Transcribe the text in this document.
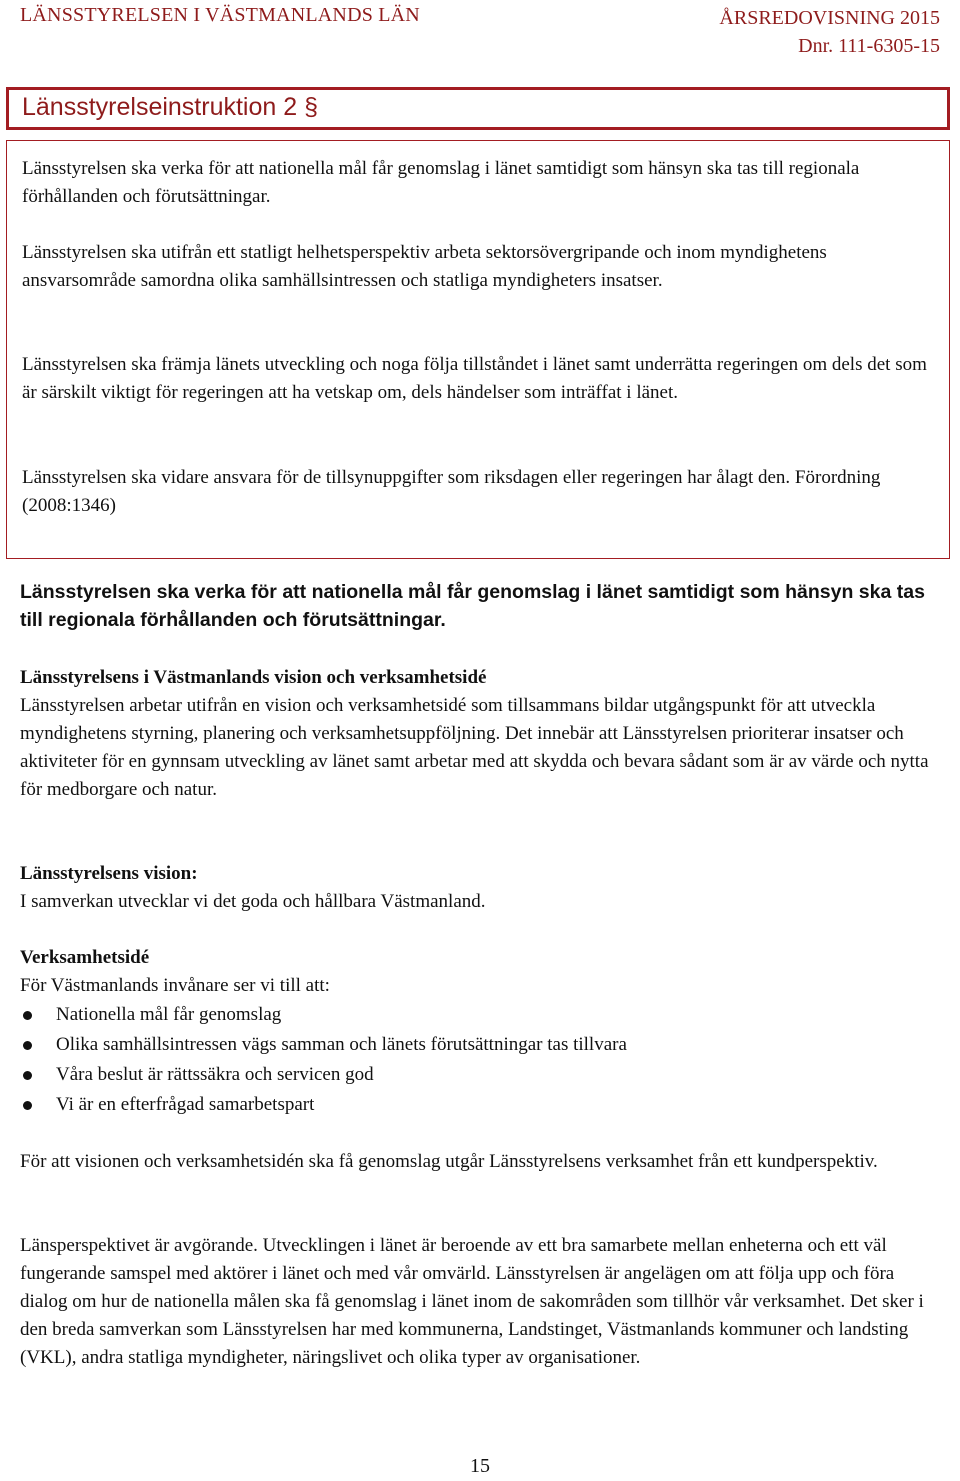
LÄNSSTYRELSEN I VÄSTMANLANDS LÄN	ÅRSREDOVISNING 2015
Dnr. 111-6305-15
Länsstyrelseinstruktion 2 §

Länsstyrelsen ska verka för att nationella mål får genomslag i länet samtidigt som hänsyn ska tas till regionala förhållanden och förutsättningar.

Länsstyrelsen ska utifrån ett statligt helhetsperspektiv arbeta sektorsövergripande och inom myndighetens ansvarsområde samordna olika samhällsintressen och statliga myndigheters insatser.

Länsstyrelsen ska främja länets utveckling och noga följa tillståndet i länet samt underrätta regeringen om dels det som är särskilt viktigt för regeringen att ha vetskap om, dels händelser som inträffat i länet.

Länsstyrelsen ska vidare ansvara för de tillsynuppgifter som riksdagen eller regeringen har ålagt den. Förordning (2008:1346)

Länsstyrelsen ska verka för att nationella mål får genomslag i länet samtidigt som hänsyn ska tas till regionala förhållanden och förutsättningar.

Länsstyrelsens i Västmanlands vision och verksamhetsidé

Länsstyrelsen arbetar utifrån en vision och verksamhetsidé som tillsammans bildar utgångspunkt för att utveckla myndighetens styrning, planering och verksamhetsuppföljning. Det innebär att Länsstyrelsen prioriterar insatser och aktiviteter för en gynnsam utveckling av länet samt arbetar med att skydda och bevara sådant som är av värde och nytta för medborgare och natur.

Länsstyrelsens vision:

I samverkan utvecklar vi det goda och hållbara Västmanland.

Verksamhetsidé

För Västmanlands invånare ser vi till att:

Nationella mål får genomslag
Olika samhällsintressen vägs samman och länets förutsättningar tas tillvara
Våra beslut är rättssäkra och servicen god
Vi är en efterfrågad samarbetspart

För att visionen och verksamhetsidén ska få genomslag utgår Länsstyrelsens verksamhet från ett kundperspektiv.

Länsperspektivet är avgörande. Utvecklingen i länet är beroende av ett bra samarbete mellan enheterna och ett väl fungerande samspel med aktörer i länet och med vår omvärld. Länsstyrelsen är angelägen om att följa upp och föra dialog om hur de nationella målen ska få genomslag i länet inom de sakområden som tillhör vår verksamhet. Det sker i den breda samverkan som Länsstyrelsen har med kommunerna, Landstinget, Västmanlands kommuner och landsting (VKL), andra statliga myndigheter, näringslivet och olika typer av organisationer.

15
